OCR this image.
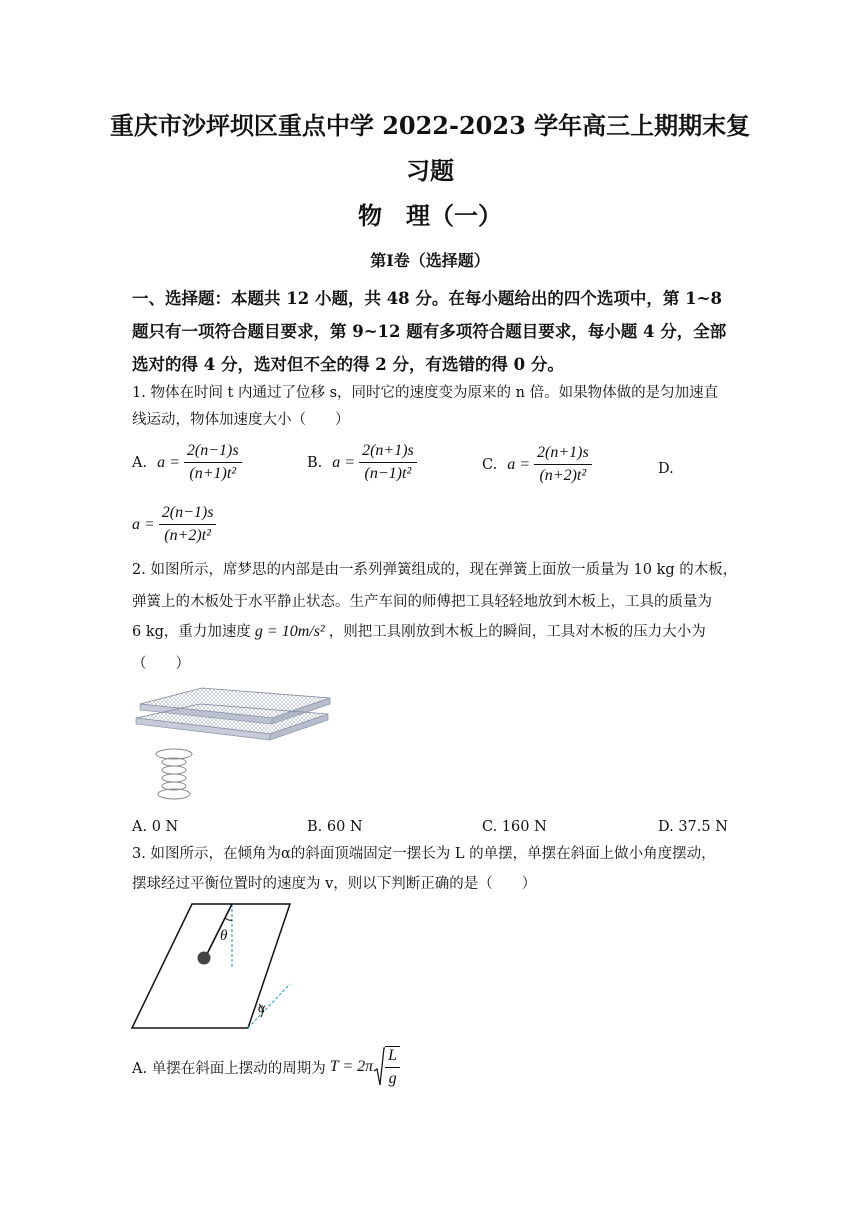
重庆市沙坪坝区重点中学 2022-2023 学年高三上期期末复
习题
物　理（一）
第Ⅰ卷（选择题）
一、选择题：本题共 12 小题，共 48 分。在每小题给出的四个选项中，第 1~8
题只有一项符合题目要求，第 9~12 题有多项符合题目要求，每小题 4 分，全部
选对的得 4 分，选对但不全的得 2 分，有选错的得 0 分。
1. 物体在时间 t 内通过了位移 s，同时它的速度变为原来的 n 倍。如果物体做的是匀加速直
线运动，物体加速度大小（　　）
A. $a = \frac{2(n-1)s}{\text{(n+1)t²}}$	B. $a = \frac{2(n+1)s}{\text{(n−1)t²}}$	C. $a = \frac{2(n+1)s}{\text{(n+2)t²}}$	D.
$a = \frac{2(n-1)s}{\text{(n+2)t²}}$
2. 如图所示，席梦思的内部是由一系列弹簧组成的，现在弹簧上面放一质量为 10 kg 的木板，
弹簧上的木板处于水平静止状态。生产车间的师傅把工具轻轻地放到木板上，工具的质量为
6 kg，重力加速度 g = 10m/s² ，则把工具刚放到木板上的瞬间，工具对木板的压力大小为
（　　）
A. 0 N	B. 60 N	C. 160 N	D. 37.5 N
3. 如图所示，在倾角为α的斜面顶端固定一摆长为 L 的单摆，单摆在斜面上做小角度摆动，
摆球经过平衡位置时的速度为 v，则以下判断正确的是（　　）
θ
α
A. 单摆在斜面上摆动的周期为 $T = 2\pi \frac{L}{g}$
